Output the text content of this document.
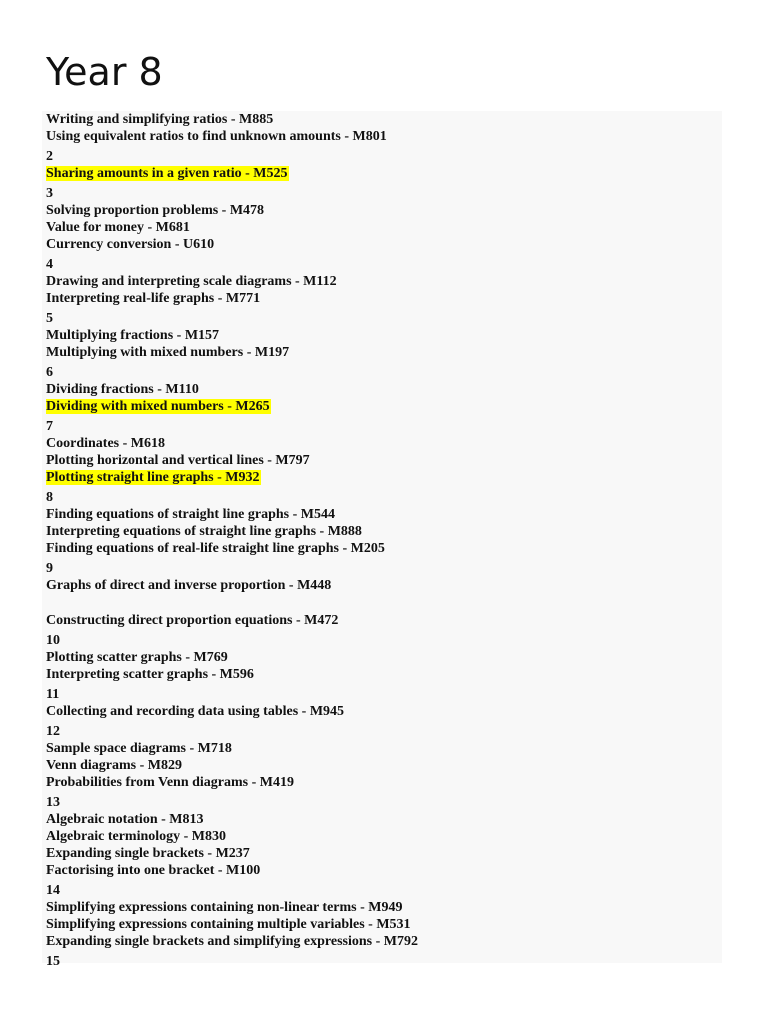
Year 8
Writing and simplifying ratios - M885
Using equivalent ratios to find unknown amounts - M801
2
Sharing amounts in a given ratio - M525
3
Solving proportion problems - M478
Value for money - M681
Currency conversion - U610
4
Drawing and interpreting scale diagrams - M112
Interpreting real-life graphs - M771
5
Multiplying fractions - M157
Multiplying with mixed numbers - M197
6
Dividing fractions - M110
Dividing with mixed numbers - M265
7
Coordinates - M618
Plotting horizontal and vertical lines - M797
Plotting straight line graphs - M932
8
Finding equations of straight line graphs - M544
Interpreting equations of straight line graphs - M888
Finding equations of real-life straight line graphs - M205
9
Graphs of direct and inverse proportion - M448
Constructing direct proportion equations - M472
10
Plotting scatter graphs - M769
Interpreting scatter graphs - M596
11
Collecting and recording data using tables - M945
12
Sample space diagrams - M718
Venn diagrams - M829
Probabilities from Venn diagrams - M419
13
Algebraic notation - M813
Algebraic terminology - M830
Expanding single brackets - M237
Factorising into one bracket - M100
14
Simplifying expressions containing non-linear terms - M949
Simplifying expressions containing multiple variables - M531
Expanding single brackets and simplifying expressions - M792
15
